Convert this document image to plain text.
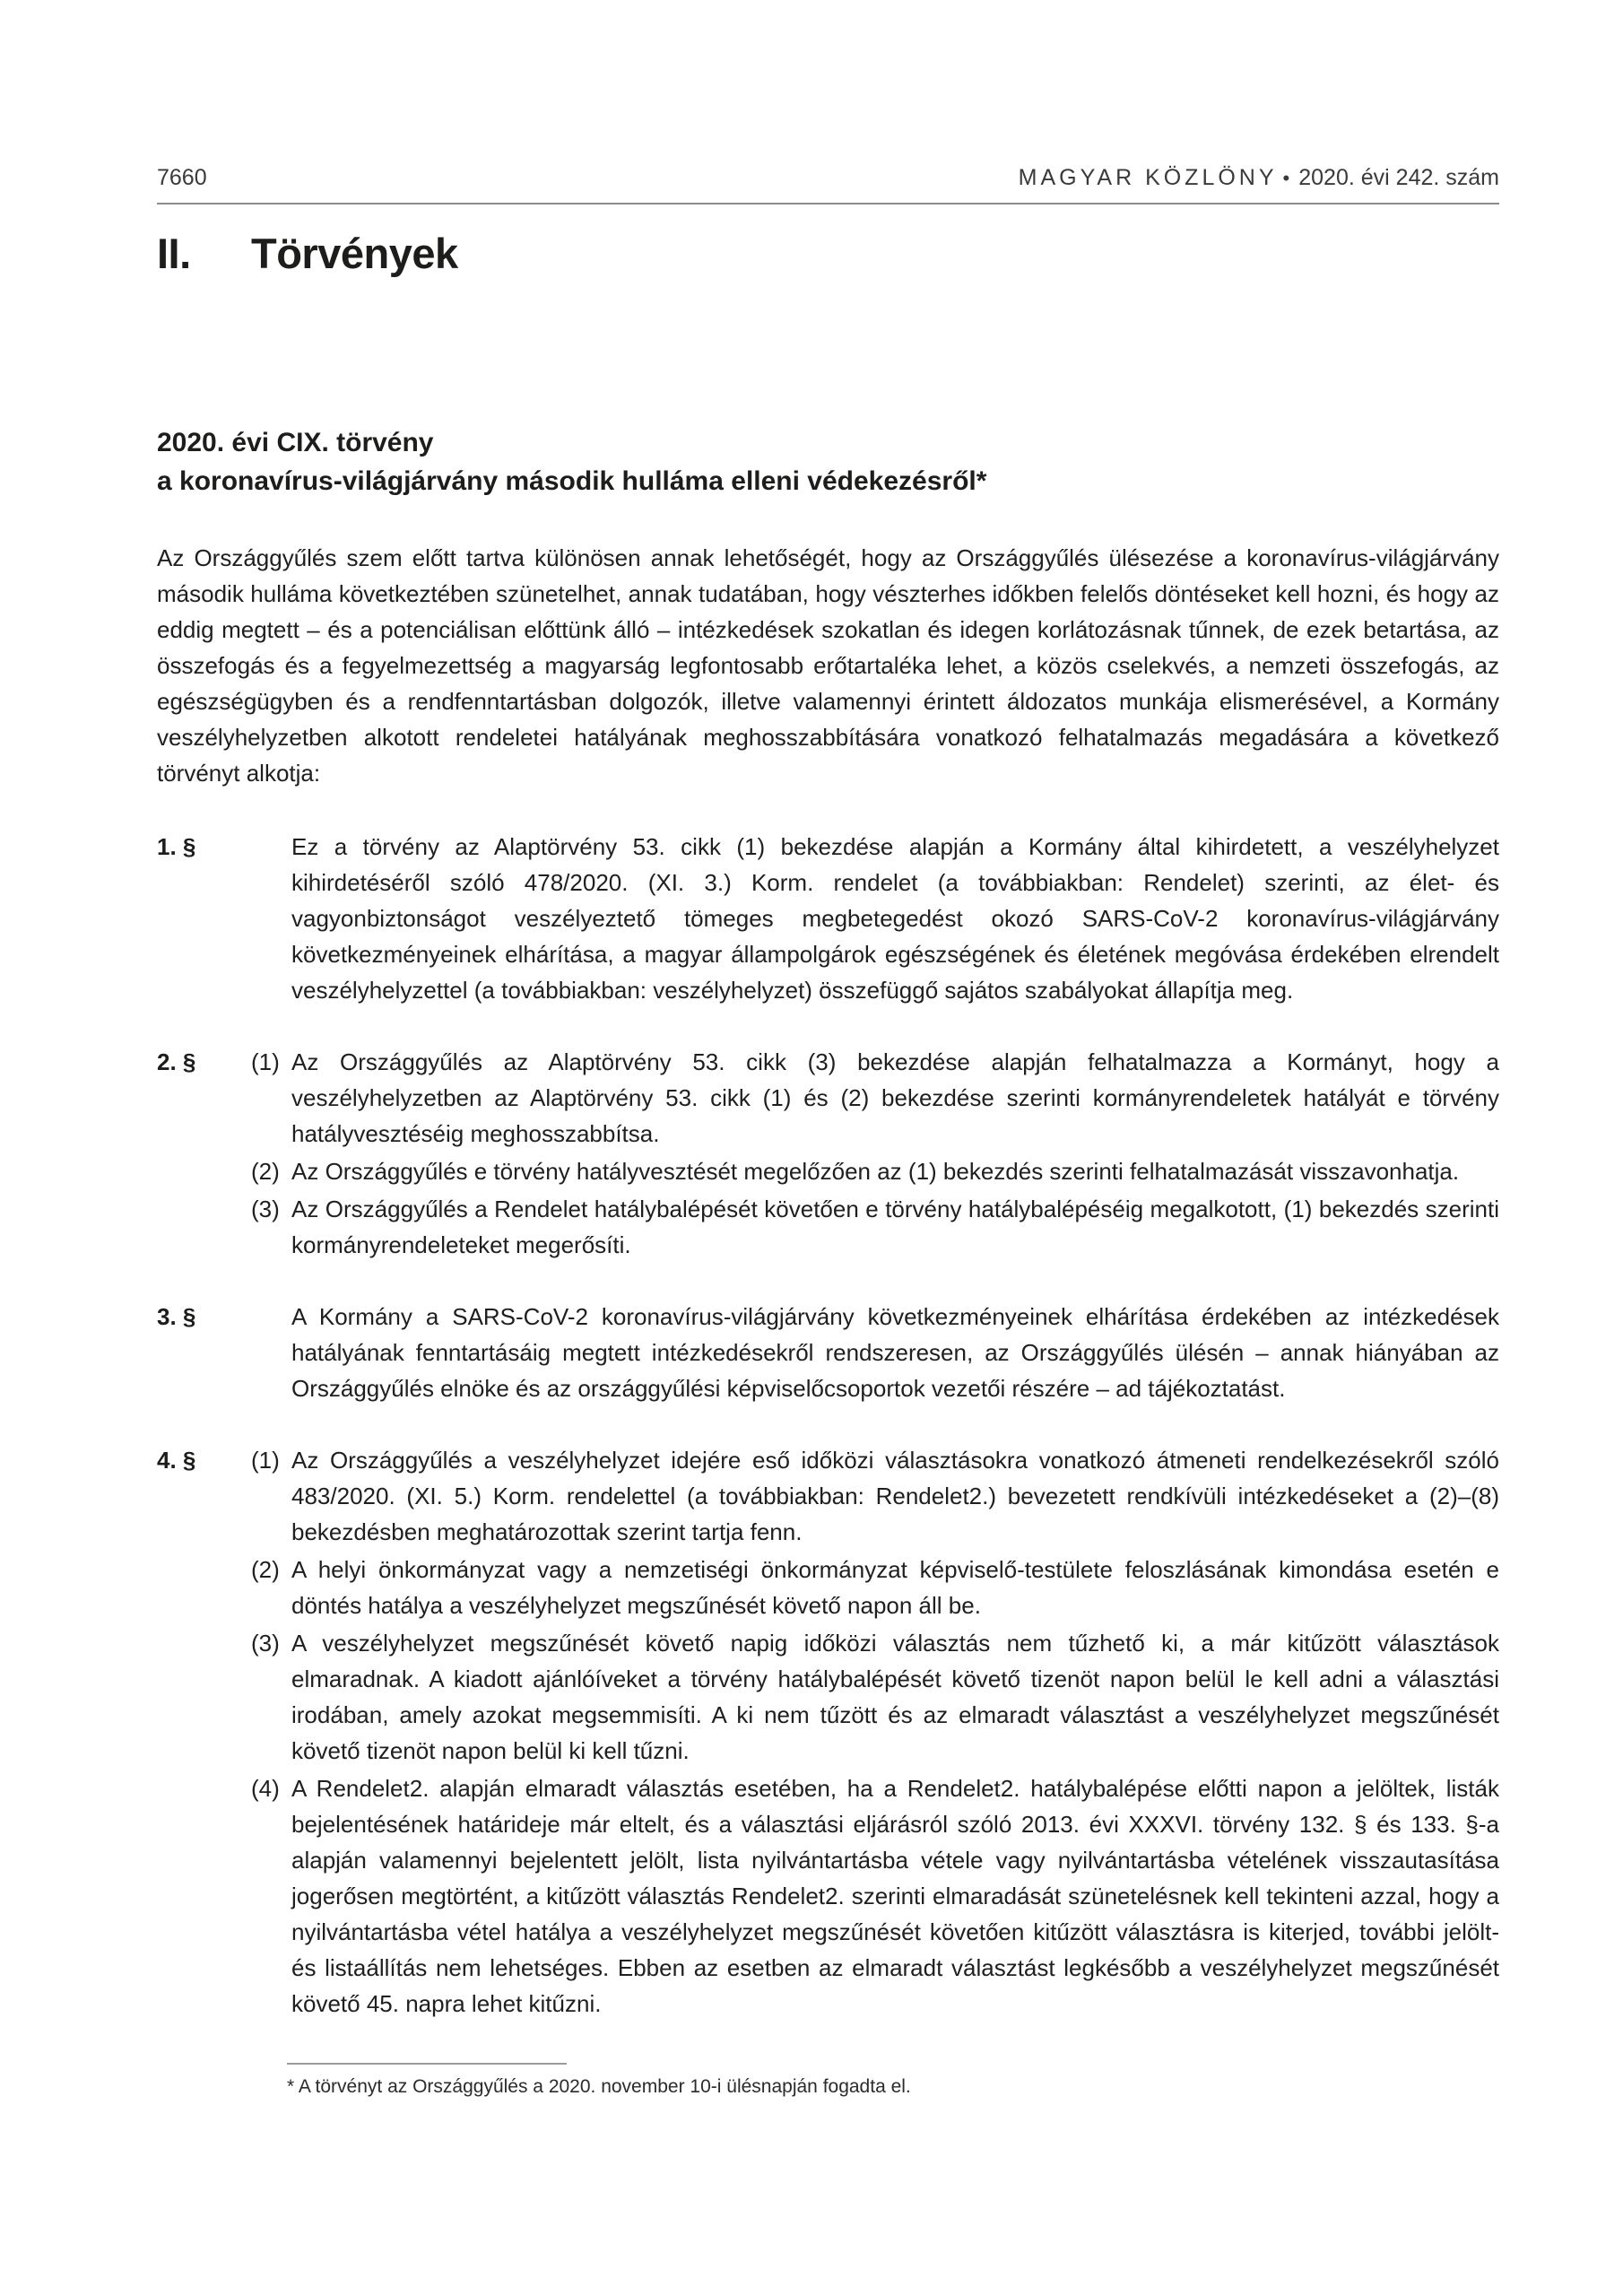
7660	MAGYAR KÖZLÖNY • 2020. évi 242. szám
II.	Törvények
2020. évi CIX. törvény
a koronavírus-világjárvány második hulláma elleni védekezésről*

Az Országgyűlés szem előtt tartva különösen annak lehetőségét, hogy az Országgyűlés ülésezése a koronavírus-világjárvány második hulláma következtében szünetelhet, annak tudatában, hogy vészterhes időkben felelős döntéseket kell hozni, és hogy az eddig megtett – és a potenciálisan előttünk álló – intézkedések szokatlan és idegen korlátozásnak tűnnek, de ezek betartása, az összefogás és a fegyelmezettség a magyarság legfontosabb erőtartaléka lehet, a közös cselekvés, a nemzeti összefogás, az egészségügyben és a rendfenntartásban dolgozók, illetve valamennyi érintett áldozatos munkája elismerésével, a Kormány veszélyhelyzetben alkotott rendeletei hatályának meghosszabbítására vonatkozó felhatalmazás megadására a következő törvényt alkotja:

1. §	Ez a törvény az Alaptörvény 53. cikk (1) bekezdése alapján a Kormány által kihirdetett, a veszélyhelyzet kihirdetéséről szóló 478/2020. (XI. 3.) Korm. rendelet (a továbbiakban: Rendelet) szerinti, az élet- és vagyonbiztonságot veszélyeztető tömeges megbetegedést okozó SARS-CoV-2 koronavírus-világjárvány következményeinek elhárítása, a magyar állampolgárok egészségének és életének megóvása érdekében elrendelt veszélyhelyzettel (a továbbiakban: veszélyhelyzet) összefüggő sajátos szabályokat állapítja meg.
2. §	(1) Az Országgyűlés az Alaptörvény 53. cikk (3) bekezdése alapján felhatalmazza a Kormányt, hogy a veszélyhelyzetben az Alaptörvény 53. cikk (1) és (2) bekezdése szerinti kormányrendeletek hatályát e törvény hatályvesztéséig meghosszabbítsa.
(2) Az Országgyűlés e törvény hatályvesztését megelőzően az (1) bekezdés szerinti felhatalmazását visszavonhatja.
(3) Az Országgyűlés a Rendelet hatálybalépését követően e törvény hatálybalépéséig megalkotott, (1) bekezdés szerinti kormányrendeleteket megerősíti.
3. §	A Kormány a SARS-CoV-2 koronavírus-világjárvány következményeinek elhárítása érdekében az intézkedések hatályának fenntartásáig megtett intézkedésekről rendszeresen, az Országgyűlés ülésén – annak hiányában az Országgyűlés elnöke és az országgyűlési képviselőcsoportok vezetői részére – ad tájékoztatást.
4. §	(1) Az Országgyűlés a veszélyhelyzet idejére eső időközi választásokra vonatkozó átmeneti rendelkezésekről szóló 483/2020. (XI. 5.) Korm. rendelettel (a továbbiakban: Rendelet2.) bevezetett rendkívüli intézkedéseket a (2)–(8) bekezdésben meghatározottak szerint tartja fenn.
(2) A helyi önkormányzat vagy a nemzetiségi önkormányzat képviselő-testülete feloszlásának kimondása esetén e döntés hatálya a veszélyhelyzet megszűnését követő napon áll be.
(3) A veszélyhelyzet megszűnését követő napig időközi választás nem tűzhető ki, a már kitűzött választások elmaradnak. A kiadott ajánlóíveket a törvény hatálybalépését követő tizenöt napon belül le kell adni a választási irodában, amely azokat megsemmisíti. A ki nem tűzött és az elmaradt választást a veszélyhelyzet megszűnését követő tizenöt napon belül ki kell tűzni.
(4) A Rendelet2. alapján elmaradt választás esetében, ha a Rendelet2. hatálybalépése előtti napon a jelöltek, listák bejelentésének határideje már eltelt, és a választási eljárásról szóló 2013. évi XXXVI. törvény 132. § és 133. §-a alapján valamennyi bejelentett jelölt, lista nyilvántartásba vétele vagy nyilvántartásba vételének visszautasítása jogerősen megtörtént, a kitűzött választás Rendelet2. szerinti elmaradását szünetelésnek kell tekinteni azzal, hogy a nyilvántartásba vétel hatálya a veszélyhelyzet megszűnését követően kitűzött választásra is kiterjed, további jelölt- és listaállítás nem lehetséges. Ebben az esetben az elmaradt választást legkésőbb a veszélyhelyzet megszűnését követő 45. napra lehet kitűzni.
* A törvényt az Országgyűlés a 2020. november 10-i ülésnapján fogadta el.
